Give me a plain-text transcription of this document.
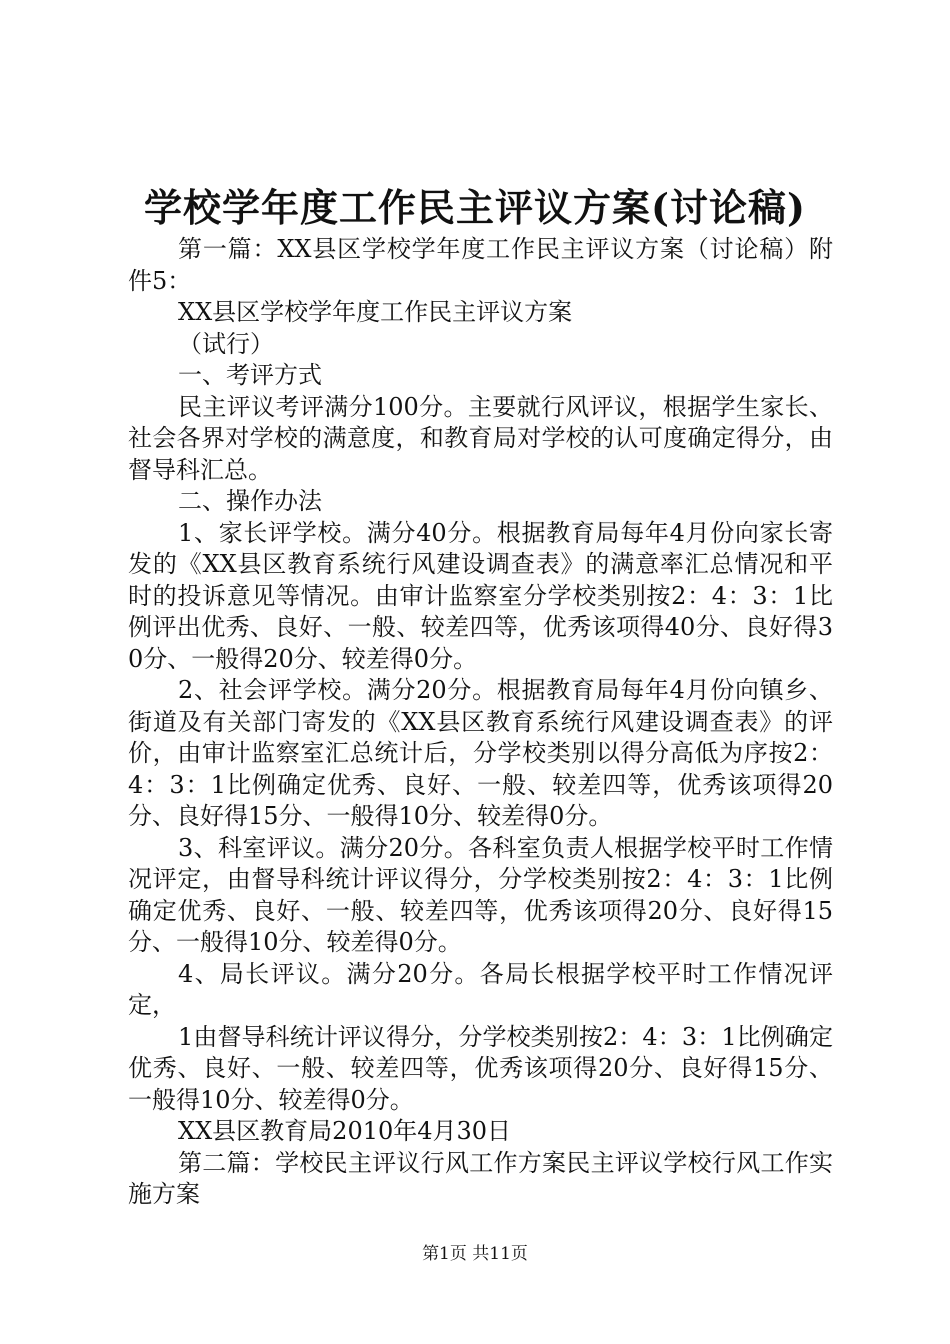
学校学年度工作民主评议方案(讨论稿)

第一篇：XX县区学校学年度工作民主评议方案（讨论稿）附件5：

XX县区学校学年度工作民主评议方案

（试行）

一、考评方式

民主评议考评满分100分。主要就行风评议，根据学生家长、社会各界对学校的满意度，和教育局对学校的认可度确定得分，由督导科汇总。

二、操作办法

1、家长评学校。满分40分。根据教育局每年4月份向家长寄发的《XX县区教育系统行风建设调查表》的满意率汇总情况和平时的投诉意见等情况。由审计监察室分学校类别按2：4：3：1比例评出优秀、良好、一般、较差四等，优秀该项得40分、良好得30分、一般得20分、较差得0分。

2、社会评学校。满分20分。根据教育局每年4月份向镇乡、街道及有关部门寄发的《XX县区教育系统行风建设调查表》的评价，由审计监察室汇总统计后，分学校类别以得分高低为序按2：4：3：1比例确定优秀、良好、一般、较差四等，优秀该项得20分、良好得15分、一般得10分、较差得0分。

3、科室评议。满分20分。各科室负责人根据学校平时工作情况评定，由督导科统计评议得分，分学校类别按2：4：3：1比例确定优秀、良好、一般、较差四等，优秀该项得20分、良好得15分、一般得10分、较差得0分。

4、局长评议。满分20分。各局长根据学校平时工作情况评定，

1由督导科统计评议得分，分学校类别按2：4：3：1比例确定优秀、良好、一般、较差四等，优秀该项得20分、良好得15分、一般得10分、较差得0分。

XX县区教育局2010年4月30日

第二篇：学校民主评议行风工作方案民主评议学校行风工作实施方案

第1页 共11页
